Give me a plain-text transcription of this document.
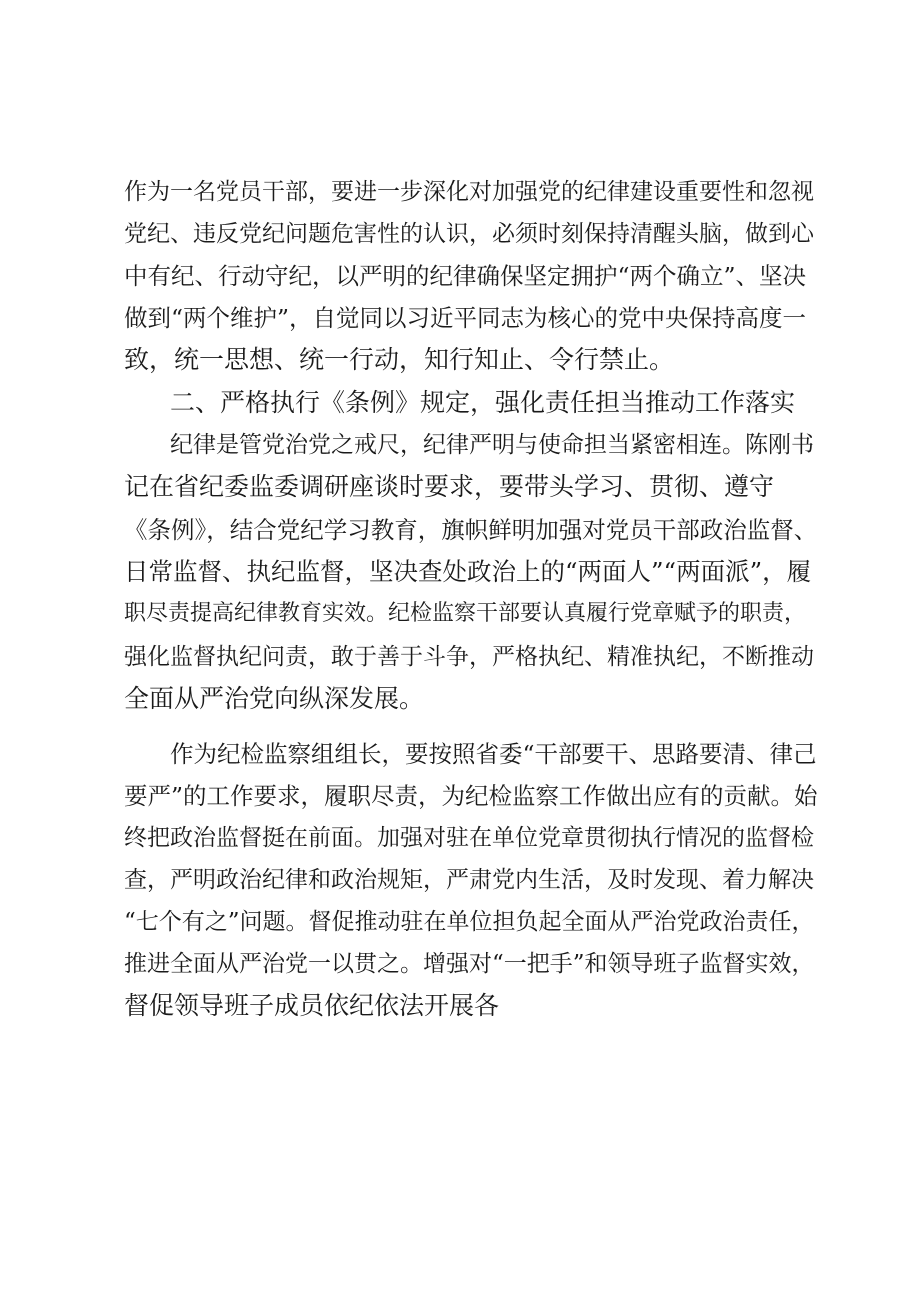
作为一名党员干部，要进一步深化对加强党的纪律建设重要性和忽视
党纪、违反党纪问题危害性的认识，必须时刻保持清醒头脑，做到心
中有纪、行动守纪，以严明的纪律确保坚定拥护“两个确立”、坚决
做到“两个维护”，自觉同以习近平同志为核心的党中央保持高度一
致，统一思想、统一行动，知行知止、令行禁止。
二、严格执行《条例》规定，强化责任担当推动工作落实
纪律是管党治党之戒尺，纪律严明与使命担当紧密相连。陈刚书
记在省纪委监委调研座谈时要求，要带头学习、贯彻、遵守
《条例》，结合党纪学习教育，旗帜鲜明加强对党员干部政治监督、
日常监督、执纪监督，坚决查处政治上的“两面人”“两面派”，履
职尽责提高纪律教育实效。纪检监察干部要认真履行党章赋予的职责，
强化监督执纪问责，敢于善于斗争，严格执纪、精准执纪，不断推动
全面从严治党向纵深发展。
作为纪检监察组组长，要按照省委“干部要干、思路要清、律己
要严”的工作要求，履职尽责，为纪检监察工作做出应有的贡献。始
终把政治监督挺在前面。加强对驻在单位党章贯彻执行情况的监督检
查，严明政治纪律和政治规矩，严肃党内生活，及时发现、着力解决
“七个有之”问题。督促推动驻在单位担负起全面从严治党政治责任，
推进全面从严治党一以贯之。增强对“一把手”和领导班子监督实效，
督促领导班子成员依纪依法开展各
